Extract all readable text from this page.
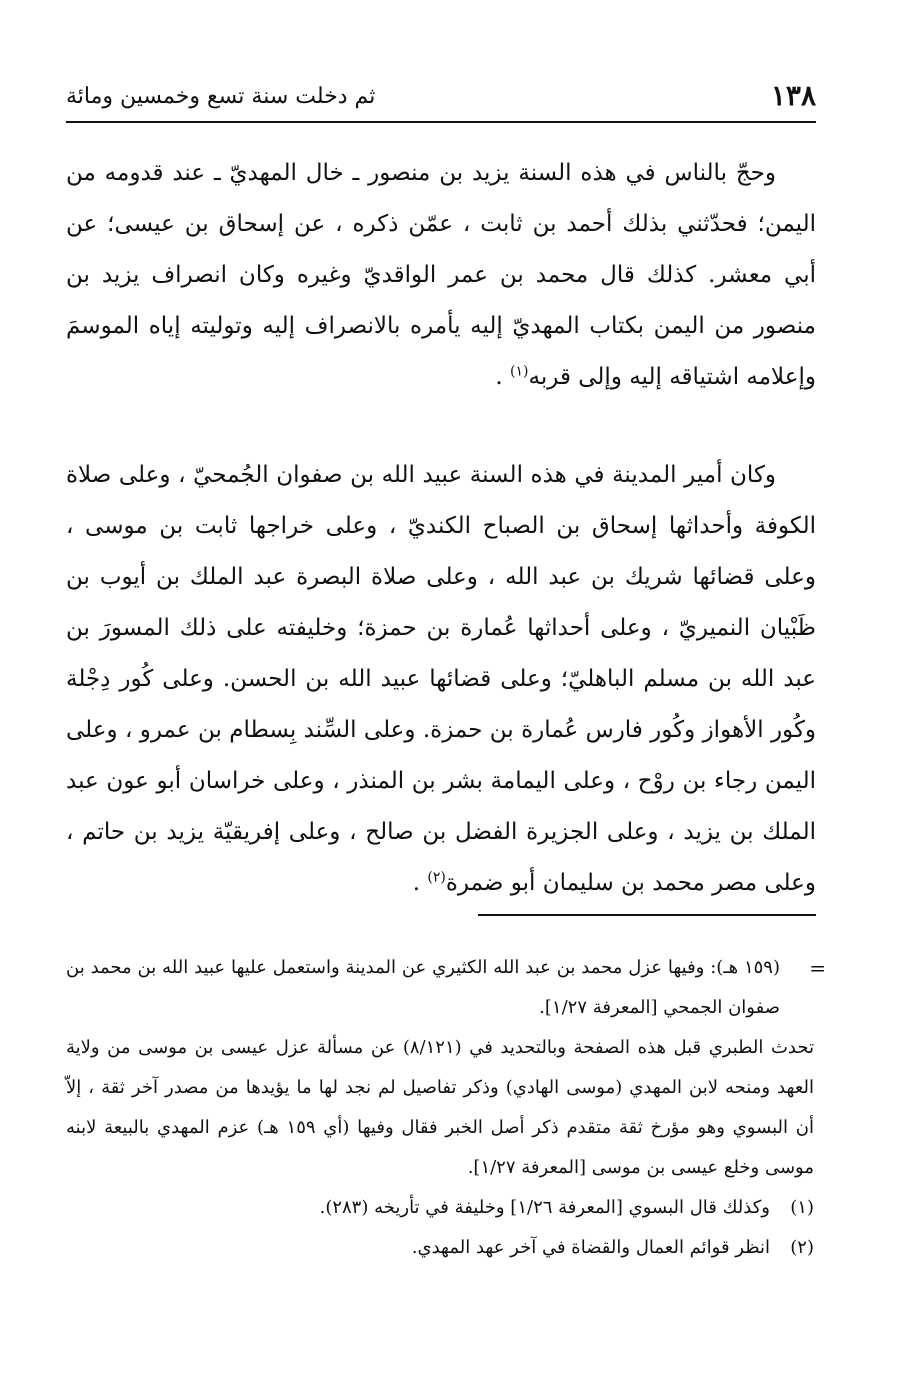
١٣٨
ثم دخلت سنة تسع وخمسين ومائة

وحجّ بالناس في هذه السنة يزيد بن منصور ـ خال المهديّ ـ عند قدومه من اليمن؛ فحدّثني بذلك أحمد بن ثابت ، عمّن ذكره ، عن إسحاق بن عيسى؛ عن أبي معشر. كذلك قال محمد بن عمر الواقديّ وغيره وكان انصراف يزيد بن منصور من اليمن بكتاب المهديّ إليه يأمره بالانصراف إليه وتوليته إياه الموسمَ وإعلامه اشتياقه إليه وإلى قربه$^{(١)}$ .

وكان أمير المدينة في هذه السنة عبيد الله بن صفوان الجُمحيّ ، وعلى صلاة الكوفة وأحداثها إسحاق بن الصباح الكنديّ ، وعلى خراجها ثابت بن موسى ، وعلى قضائها شريك بن عبد الله ، وعلى صلاة البصرة عبد الملك بن أيوب بن ظَبْيان النميريّ ، وعلى أحداثها عُمارة بن حمزة؛ وخليفته على ذلك المسورَ بن عبد الله بن مسلم الباهليّ؛ وعلى قضائها عبيد الله بن الحسن. وعلى كُور دِجْلة وكُور الأهواز وكُور فارس عُمارة بن حمزة. وعلى السِّند بِسطام بن عمرو ، وعلى اليمن رجاء بن روْح ، وعلى اليمامة بشر بن المنذر ، وعلى خراسان أبو عون عبد الملك بن يزيد ، وعلى الجزيرة الفضل بن صالح ، وعلى إفريقيّة يزيد بن حاتم ، وعلى مصر محمد بن سليمان أبو ضمرة$^{(٢)}$ .

=

(١٥٩ هـ): وفيها عزل محمد بن عبد الله الكثيري عن المدينة واستعمل عليها عبيد الله بن محمد بن صفوان الجمحي [المعرفة ١/٢٧].

تحدث الطبري قبل هذه الصفحة وبالتحديد في (٨/١٢١) عن مسألة عزل عيسى بن موسى من ولاية العهد ومنحه لابن المهدي (موسى الهادي) وذكر تفاصيل لم نجد لها ما يؤيدها من مصدر آخر ثقة ، إلاّ أن البسوي وهو مؤرخ ثقة متقدم ذكر أصل الخبر فقال وفيها (أي ١٥٩ هـ) عزم المهدي بالبيعة لابنه موسى وخلع عيسى بن موسى [المعرفة ١/٢٧].

(١)
وكذلك قال البسوي [المعرفة ١/٢٦] وخليفة في تأريخه (٢٨٣).

(٢)
انظر قوائم العمال والقضاة في آخر عهد المهدي.
